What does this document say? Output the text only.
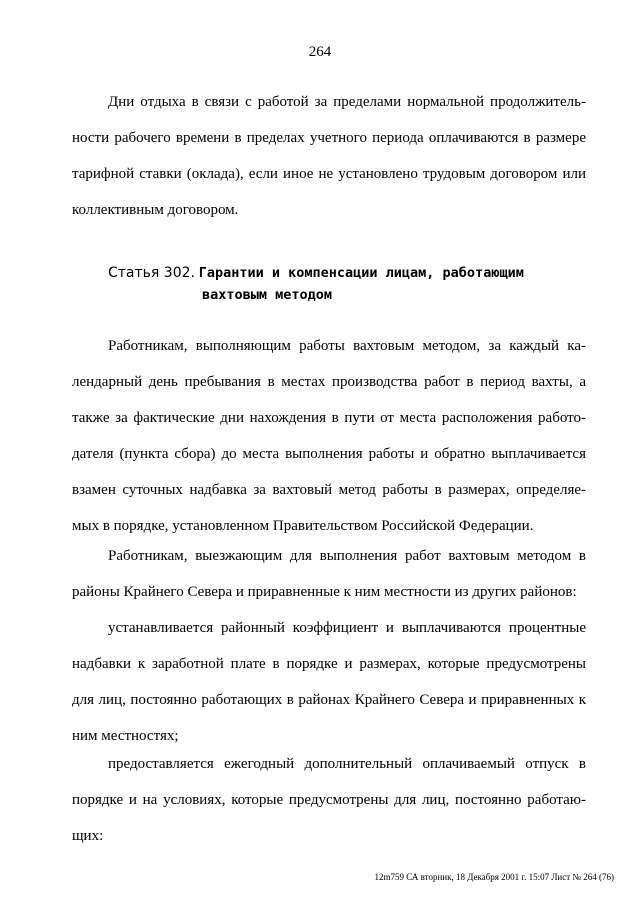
264
Дни отдыха в связи с работой за пределами нормальной продолжитель-
ности рабочего времени в пределах учетного периода оплачиваются в размере
тарифной ставки (оклада), если иное не установлено трудовым договором или
коллективным договором.
Статья 302. Гарантии и компенсации лицам, работающим
вахтовым методом
Работникам, выполняющим работы вахтовым методом, за каждый ка-
лендарный день пребывания в местах производства работ в период вахты, а
также за фактические дни нахождения в пути от места расположения работо-
дателя (пункта сбора) до места выполнения работы и обратно выплачивается
взамен суточных надбавка за вахтовый метод работы в размерах, определяе-
мых в порядке, установленном Правительством Российской Федерации.
Работникам, выезжающим для выполнения работ вахтовым методом в
районы Крайнего Севера и приравненные к ним местности из других районов:
устанавливается районный коэффициент и выплачиваются процентные
надбавки к заработной плате в порядке и размерах, которые предусмотрены
для лиц, постоянно работающих в районах Крайнего Севера и приравненных к
ним местностях;
предоставляется ежегодный дополнительный оплачиваемый отпуск в
порядке и на условиях, которые предусмотрены для лиц, постоянно работаю-
щих:
12m759 СА вторник, 18 Декабря 2001 г. 15:07 Лист № 264 (76)
